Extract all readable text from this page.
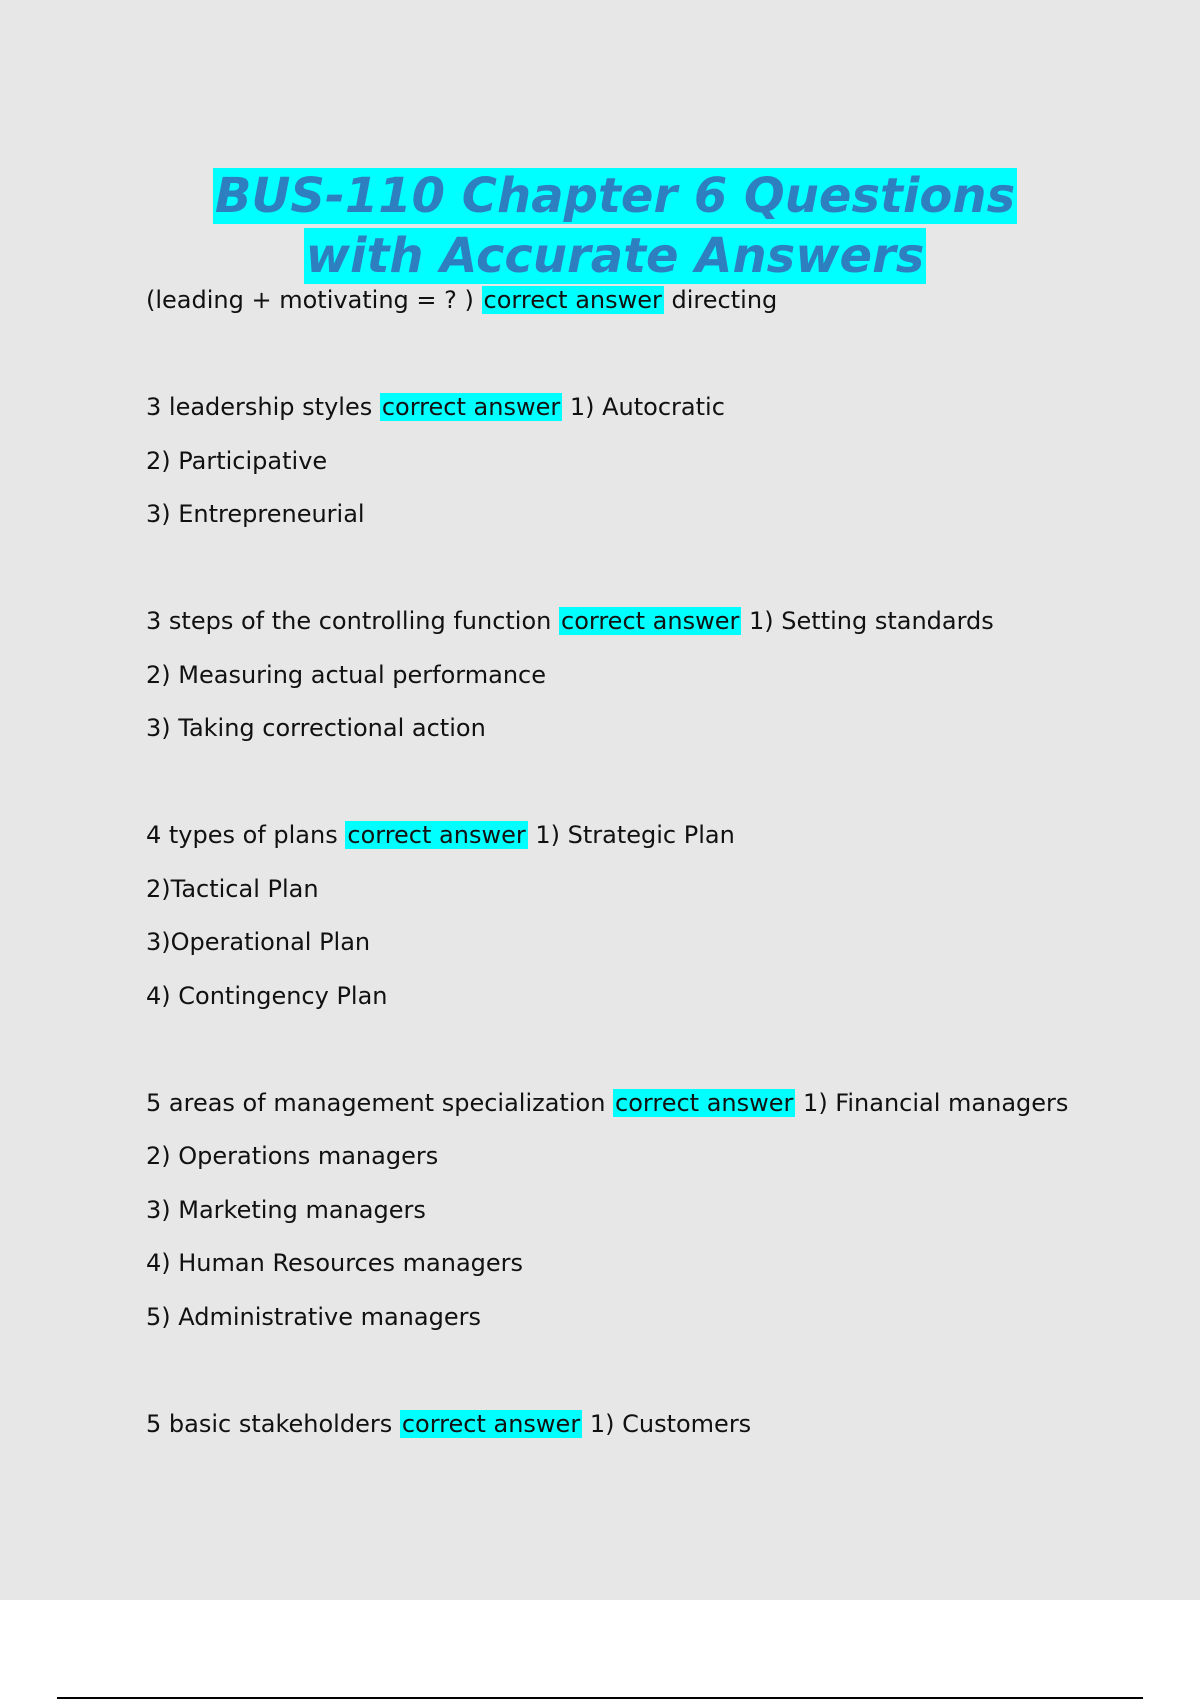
BUS-110 Chapter 6 Questions
with Accurate Answers
(leading + motivating = ? ) correct answer directing
3 leadership styles correct answer 1) Autocratic
2) Participative
3) Entrepreneurial
3 steps of the controlling function correct answer 1) Setting standards
2) Measuring actual performance
3) Taking correctional action
4 types of plans correct answer 1) Strategic Plan
2)Tactical Plan
3)Operational Plan
4) Contingency Plan
5 areas of management specialization correct answer 1) Financial managers
2) Operations managers
3) Marketing managers
4) Human Resources managers
5) Administrative managers
5 basic stakeholders correct answer 1) Customers
